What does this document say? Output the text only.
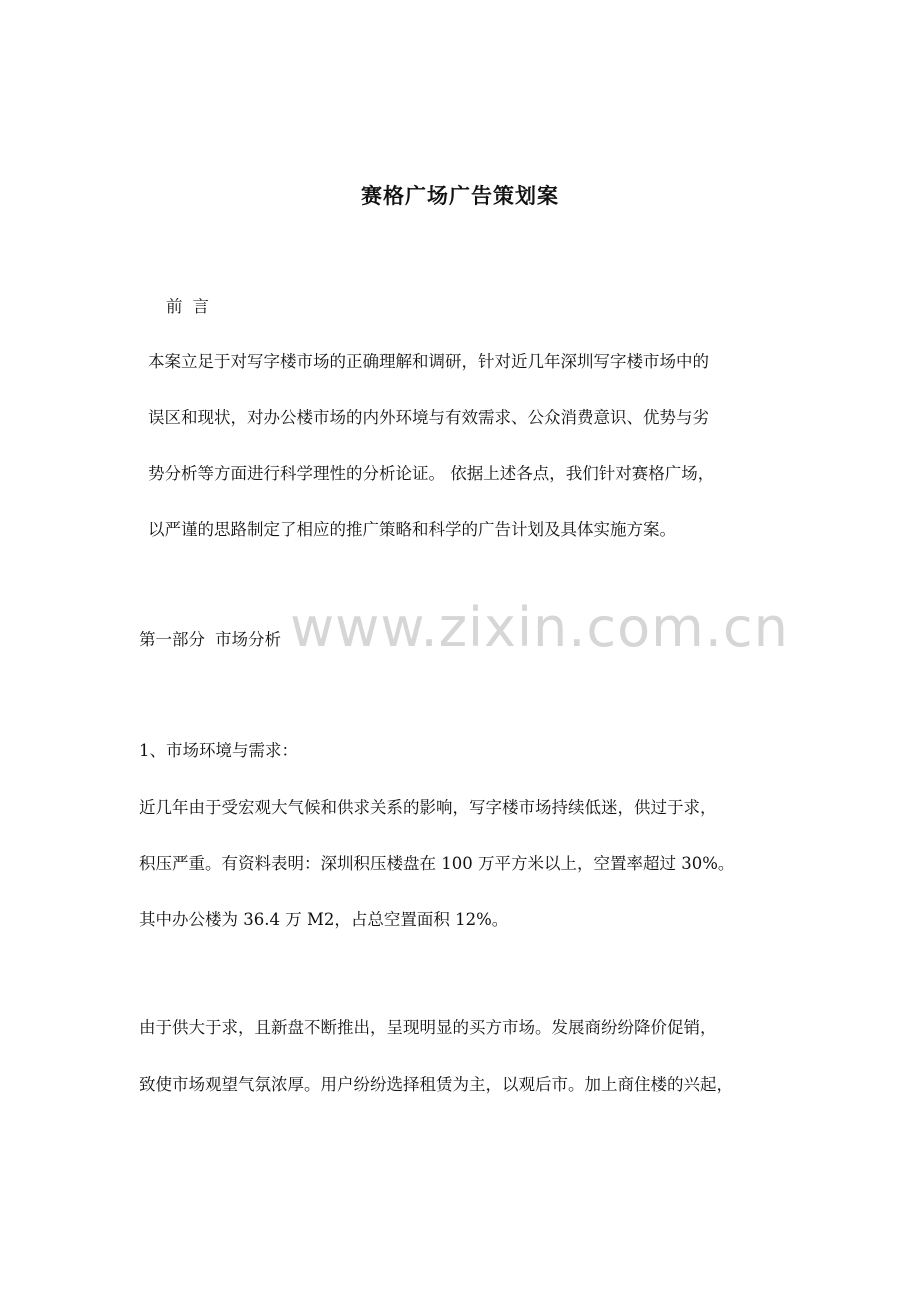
赛格广场广告策划案
前言
本案立足于对写字楼市场的正确理解和调研，针对近几年深圳写字楼市场中的
误区和现状，对办公楼市场的内外环境与有效需求、公众消费意识、优势与劣
势分析等方面进行科学理性的分析论证。 依据上述各点，我们针对赛格广场，
以严谨的思路制定了相应的推广策略和科学的广告计划及具体实施方案。
www.zixin.com.cn
第一部分 市场分析
1、市场环境与需求：
近几年由于受宏观大气候和供求关系的影响，写字楼市场持续低迷，供过于求，
积压严重。有资料表明：深圳积压楼盘在 100 万平方米以上，空置率超过 30%。
其中办公楼为 36.4 万 M2，占总空置面积 12%。
由于供大于求，且新盘不断推出，呈现明显的买方市场。发展商纷纷降价促销，
致使市场观望气氛浓厚。用户纷纷选择租赁为主，以观后市。加上商住楼的兴起，
